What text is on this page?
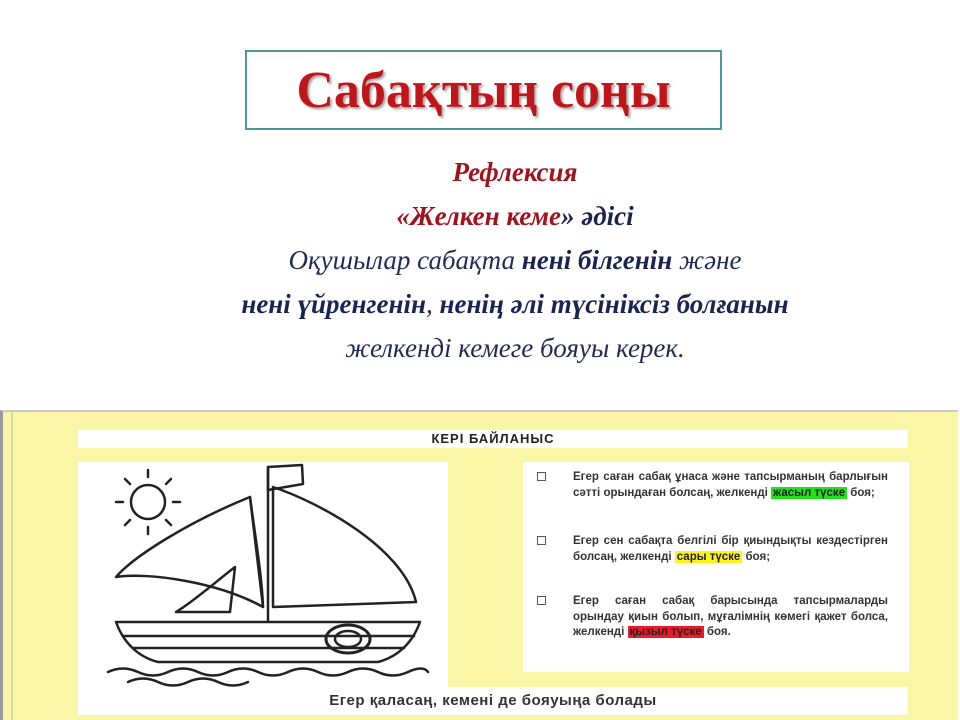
Сабақтың соңы
Рефлексия
«Желкен кеме» әдісі
Оқушылар сабақта нені білгенін және
нені үйренгенін, ненің әлі түсініксіз болғанын
желкенді кемеге бояуы керек.
КЕРІ БАЙЛАНЫС
Егер саған сабақ ұнаса және тапсырманың барлығын сәтті орындаған болсаң, желкенді жасыл түске боя;
Егер сен сабақта белгілі бір қиындықты кездестірген болсаң, желкенді сары түске боя;
Егер саған сабақ барысында тапсырмаларды орындау қиын болып, мұғалімнің көмегі қажет болса, желкенді қызыл түске боя.
Егер қаласаң, кемені де бояуыңа болады
